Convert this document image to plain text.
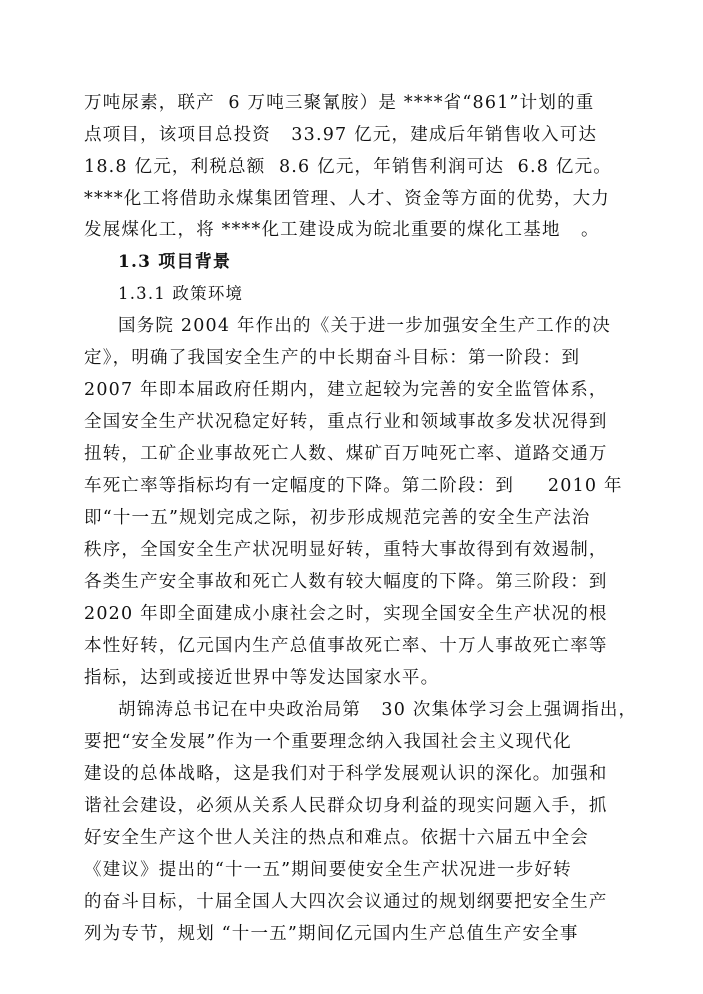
万吨尿素，联产  6 万吨三聚氰胺）是 ****省“861”计划的重
点项目，该项目总投资   33.97 亿元，建成后年销售收入可达
18.8 亿元，利税总额  8.6 亿元，年销售利润可达  6.8 亿元。
****化工将借助永煤集团管理、人才、资金等方面的优势，大力
发展煤化工，将 ****化工建设成为皖北重要的煤化工基地   。
1.3 项目背景
1.3.1 政策环境
国务院 2004 年作出的《关于进一步加强安全生产工作的决
定》，明确了我国安全生产的中长期奋斗目标：第一阶段：到
2007 年即本届政府任期内，建立起较为完善的安全监管体系，
全国安全生产状况稳定好转，重点行业和领域事故多发状况得到
扭转，工矿企业事故死亡人数、煤矿百万吨死亡率、道路交通万
车死亡率等指标均有一定幅度的下降。第二阶段：到     2010 年
即“十一五”规划完成之际，初步形成规范完善的安全生产法治
秩序，全国安全生产状况明显好转，重特大事故得到有效遏制，
各类生产安全事故和死亡人数有较大幅度的下降。第三阶段：到
2020 年即全面建成小康社会之时，实现全国安全生产状况的根
本性好转，亿元国内生产总值事故死亡率、十万人事故死亡率等
指标，达到或接近世界中等发达国家水平。
胡锦涛总书记在中央政治局第   30 次集体学习会上强调指出，
要把“安全发展”作为一个重要理念纳入我国社会主义现代化
建设的总体战略，这是我们对于科学发展观认识的深化。加强和
谐社会建设，必须从关系人民群众切身利益的现实问题入手，抓
好安全生产这个世人关注的热点和难点。依据十六届五中全会
《建议》提出的“十一五”期间要使安全生产状况进一步好转
的奋斗目标，十届全国人大四次会议通过的规划纲要把安全生产
列为专节，规划 “十一五”期间亿元国内生产总值生产安全事
